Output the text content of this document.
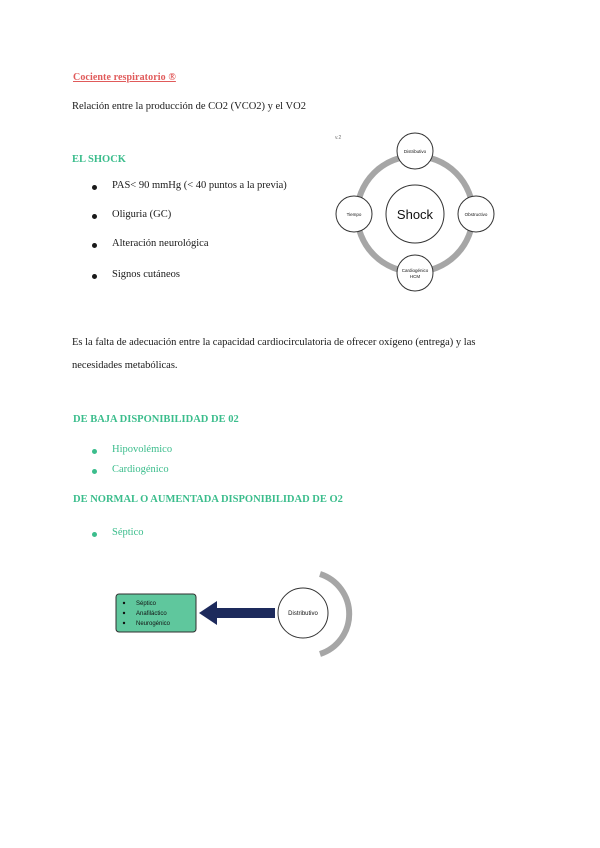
Cociente respiratorio ®
Relación entre la producción de CO2 (VCO2) y el VO2
EL SHOCK
PAS< 90 mmHg (< 40 puntos a la previa)
Oliguria (GC)
Alteración neurológica
Signos cutáneos
v.2
Shock
Distributivo
Obstructivo
Cardiogénico
HCM
Tiempo
Es la falta de adecuación entre la capacidad cardiocirculatoria de ofrecer oxígeno (entrega) y las necesidades metabólicas.
DE BAJA DISPONIBILIDAD DE 02
Hipovolémico
Cardiogénico
DE NORMAL O AUMENTADA DISPONIBILIDAD DE O2
Séptico
Séptico
Anafiláctico
Neurogénico
Distributivo
